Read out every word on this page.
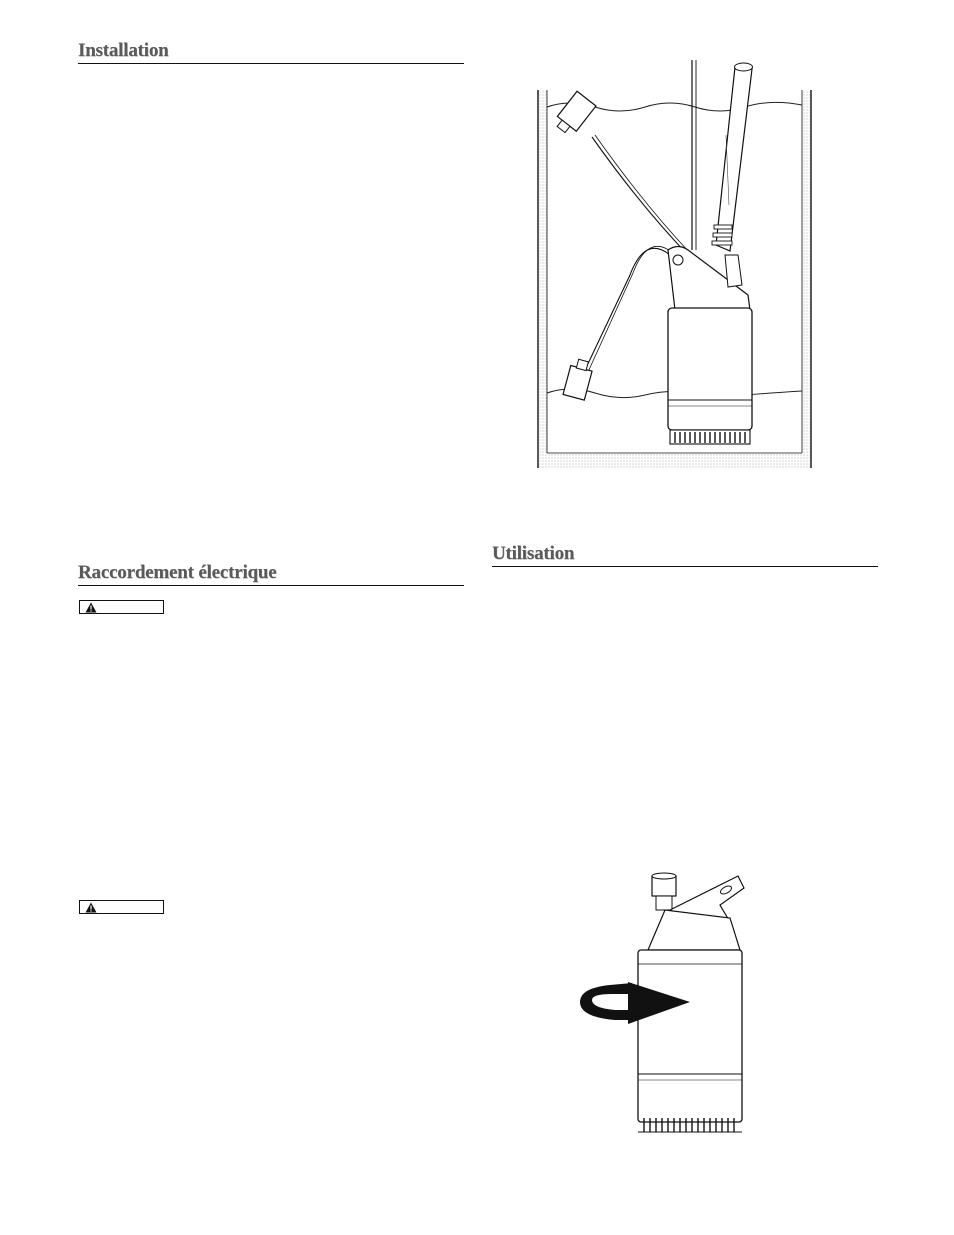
Installation
Raccordement électrique
Utilisation
